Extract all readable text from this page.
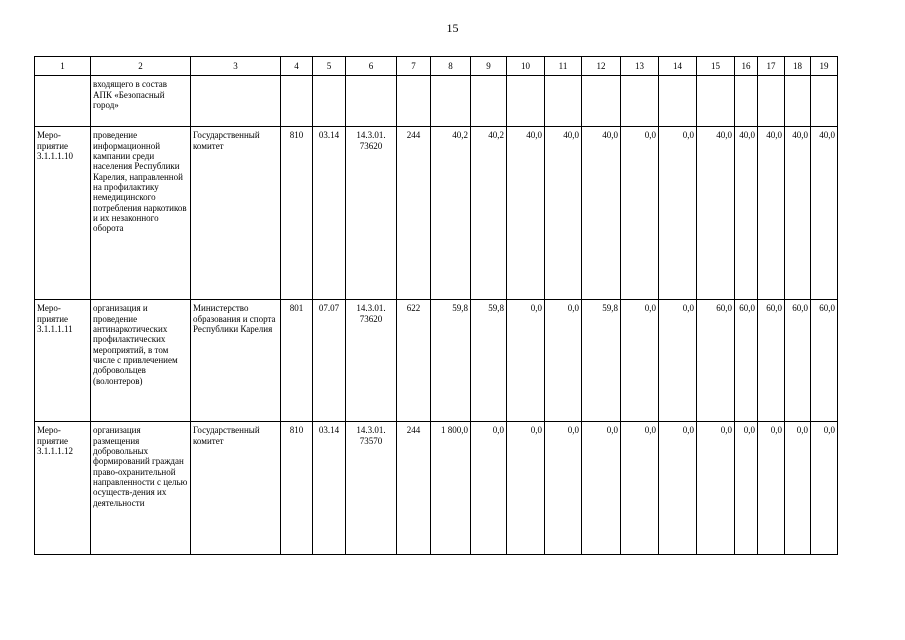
15
1	2	3	4	5	6	7	8	9	10	11	12	13	14	15	16	17	18	19
	входящего в состав АПК «Безопасный город»																	
Меро-приятие 3.1.1.1.10	проведение информационной кампании среди населения Республики Карелия, направленной на профилактику немедицинского потребления наркотиков и их незаконного оборота	Государственный комитет	810	03.14	14.3.01. 73620	244	40,2	40,2	40,0	40,0	40,0	0,0	0,0	40,0	40,0	40,0	40,0	40,0
Меро-приятие 3.1.1.1.11	организация и проведение антинаркотических профилактических мероприятий, в том числе с привлечением добровольцев (волонтеров)	Министерство образования и спорта Республики Карелия	801	07.07	14.3.01. 73620	622	59,8	59,8	0,0	0,0	59,8	0,0	0,0	60,0	60,0	60,0	60,0	60,0
Меро-приятие 3.1.1.1.12	организация размещения добровольных формирований граждан право-охранительной направленности с целью осуществ-дения их деятельности	Государственный комитет	810	03.14	14.3.01. 73570	244	1 800,0	0,0	0,0	0,0	0,0	0,0	0,0	0,0	0,0	0,0	0,0	0,0
